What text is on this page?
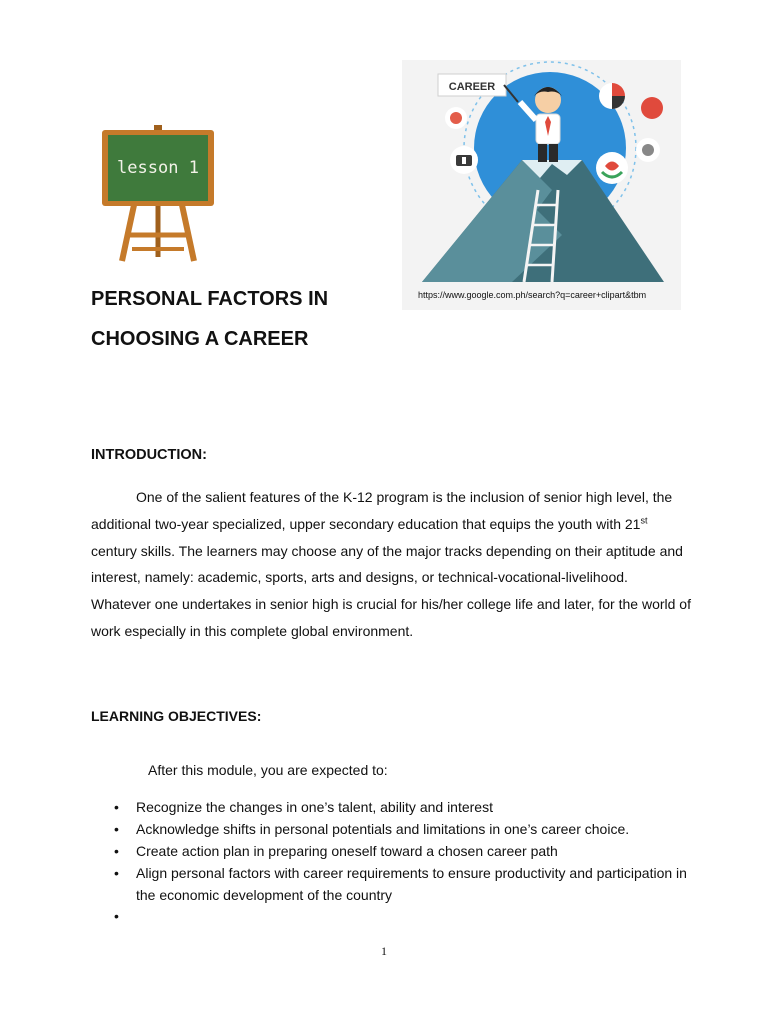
lesson 1
CAREER
https://www.google.com.ph/search?q=career+clipart&tbm
PERSONAL FACTORS IN
CHOOSING A CAREER
INTRODUCTION:

One of the salient features of the K-12 program is the inclusion of senior high level, the additional two-year specialized, upper secondary education that equips the youth with 21st century skills. The learners may choose any of the major tracks depending on their aptitude and interest, namely: academic, sports, arts and designs, or technical-vocational-livelihood. Whatever one undertakes in senior high is crucial for his/her college life and later, for the world of work especially in this complete global environment.

LEARNING OBJECTIVES:
After this module, you are expected to:
• Recognize the changes in one’s talent, ability and interest
• Acknowledge shifts in personal potentials and limitations in one’s career choice.
• Create action plan in preparing oneself toward a chosen career path
• Align personal factors with career requirements to ensure productivity and participation in the economic development of the country
•
1
